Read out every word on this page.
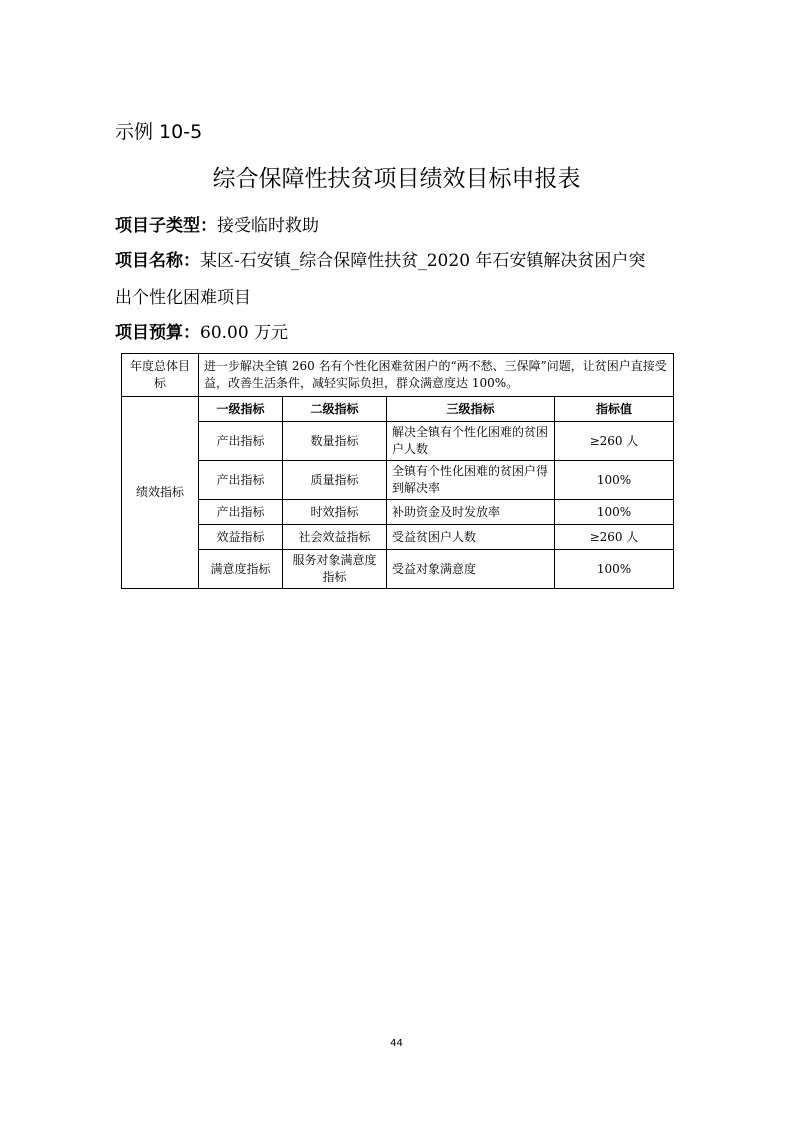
示例 10-5
综合保障性扶贫项目绩效目标申报表
项目子类型：接受临时救助
项目名称：某区-石安镇_综合保障性扶贫_2020 年石安镇解决贫困户突
出个性化困难项目
项目预算：60.00 万元
年度总体目标	进一步解决全镇 260 名有个性化困难贫困户的“两不愁、三保障”问题，让贫困户直接受益，改善生活条件，减轻实际负担，群众满意度达 100%。			
绩效指标	一级指标	二级指标	三级指标	指标值
	产出指标	数量指标	解决全镇有个性化困难的贫困户人数	≥260 人
	产出指标	质量指标	全镇有个性化困难的贫困户得到解决率	100%
	产出指标	时效指标	补助资金及时发放率	100%
	效益指标	社会效益指标	受益贫困户人数	≥260 人
	满意度指标	服务对象满意度指标	受益对象满意度	100%
44
